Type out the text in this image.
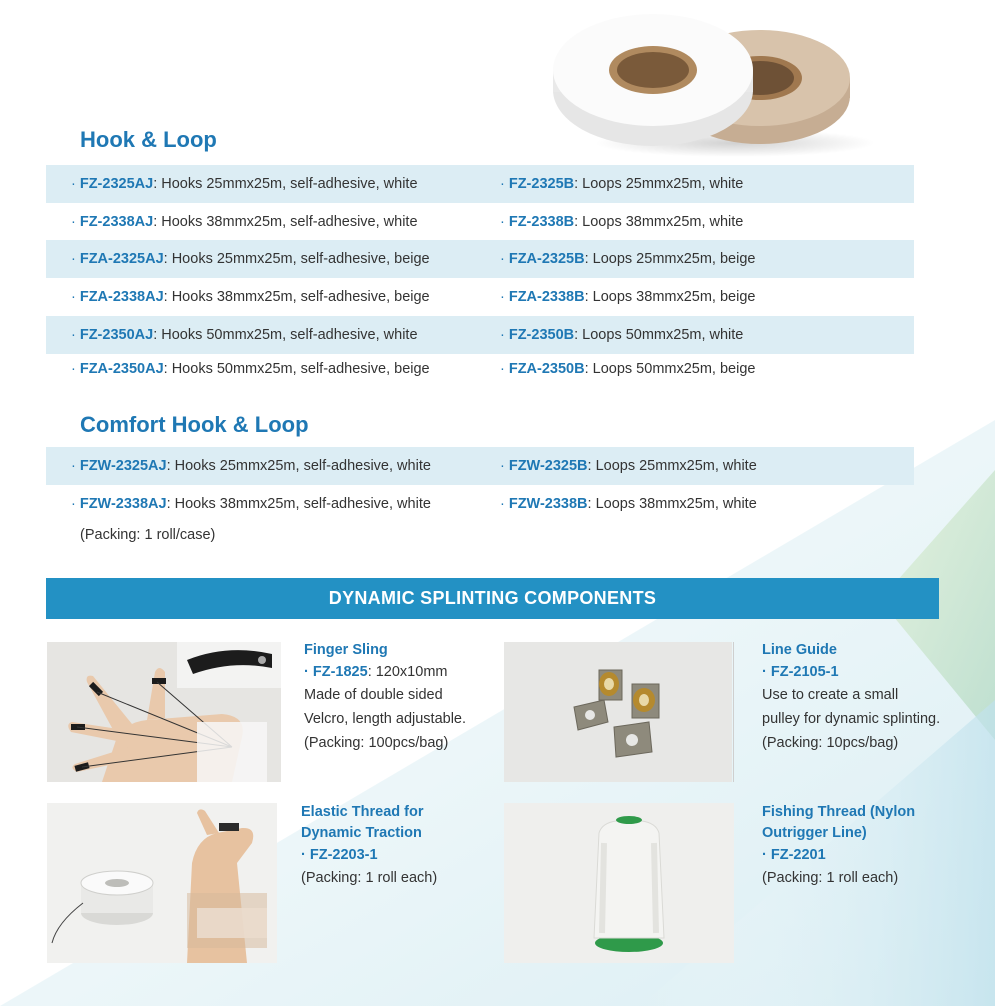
Hook & Loop
· FZ-2325AJ: Hooks 25mmx25m, self-adhesive, white	· FZ-2325B: Loops 25mmx25m, white
· FZ-2338AJ: Hooks 38mmx25m, self-adhesive, white	· FZ-2338B: Loops 38mmx25m, white
· FZA-2325AJ: Hooks 25mmx25m, self-adhesive, beige	· FZA-2325B: Loops 25mmx25m, beige
· FZA-2338AJ: Hooks 38mmx25m, self-adhesive, beige	· FZA-2338B: Loops 38mmx25m, beige
· FZ-2350AJ: Hooks 50mmx25m, self-adhesive, white	· FZ-2350B: Loops 50mmx25m, white
· FZA-2350AJ: Hooks 50mmx25m, self-adhesive, beige	· FZA-2350B: Loops 50mmx25m, beige
Comfort Hook & Loop
· FZW-2325AJ: Hooks 25mmx25m, self-adhesive, white	· FZW-2325B: Loops 25mmx25m, white
· FZW-2338AJ: Hooks 38mmx25m, self-adhesive, white	· FZW-2338B: Loops 38mmx25m, white
(Packing: 1 roll/case)
DYNAMIC SPLINTING COMPONENTS
Finger Sling
· FZ-1825: 120x10mm
Made of double sided
Velcro, length adjustable.
(Packing: 100pcs/bag)
Line Guide
· FZ-2105-1
Use to create a small
pulley for dynamic splinting.
(Packing: 10pcs/bag)
Elastic Thread for
Dynamic Traction
· FZ-2203-1
(Packing: 1 roll each)
Fishing Thread (Nylon
Outrigger Line)
· FZ-2201
(Packing: 1 roll each)
